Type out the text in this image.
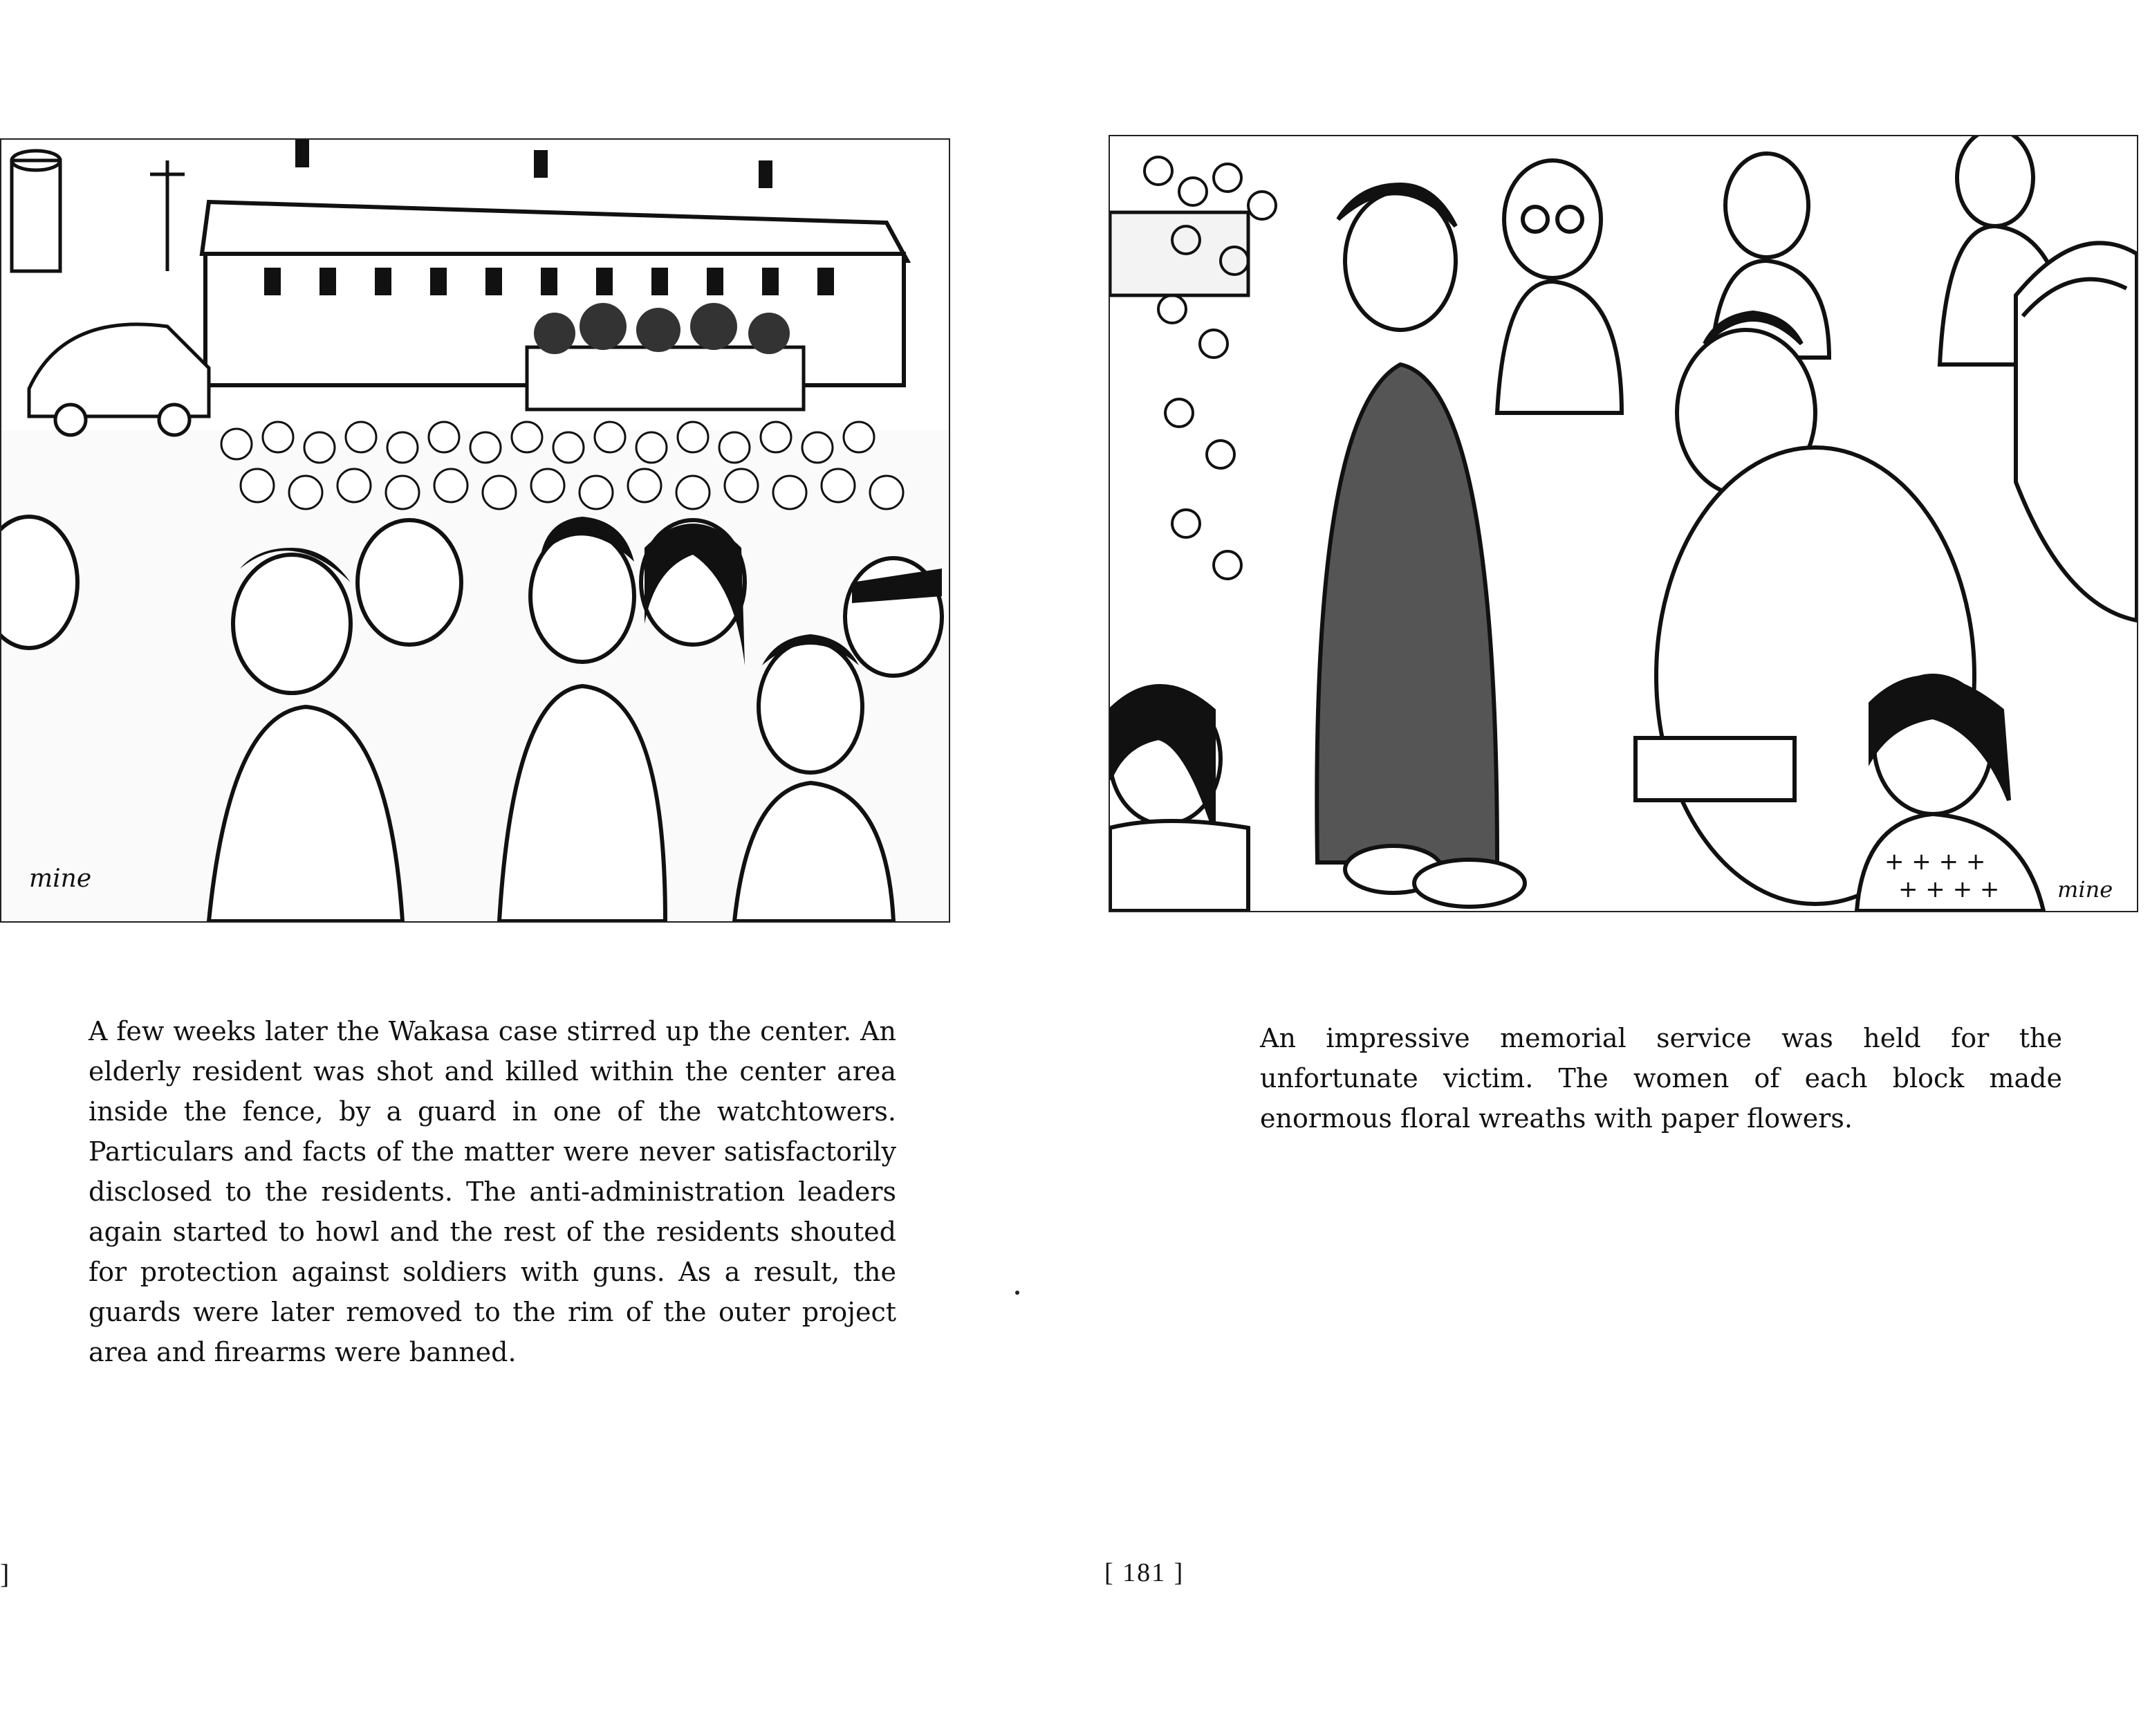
mine

A few weeks later the Wakasa case stirred up the center. An elderly resident was shot and killed within the center area inside the fence, by a guard in one of the watchtowers. Particulars and facts of the matter were never satisfactorily disclosed to the residents. The anti-administration leaders again started to howl and the rest of the residents shouted for protection against soldiers with guns. As a result, the guards were later removed to the rim of the outer project area and firearms were banned.

]
+ + + +
+ + + +	mine

An impressive memorial service was held for the unfortunate victim. The women of each block made enormous floral wreaths with paper flowers.

[ 181 ]
